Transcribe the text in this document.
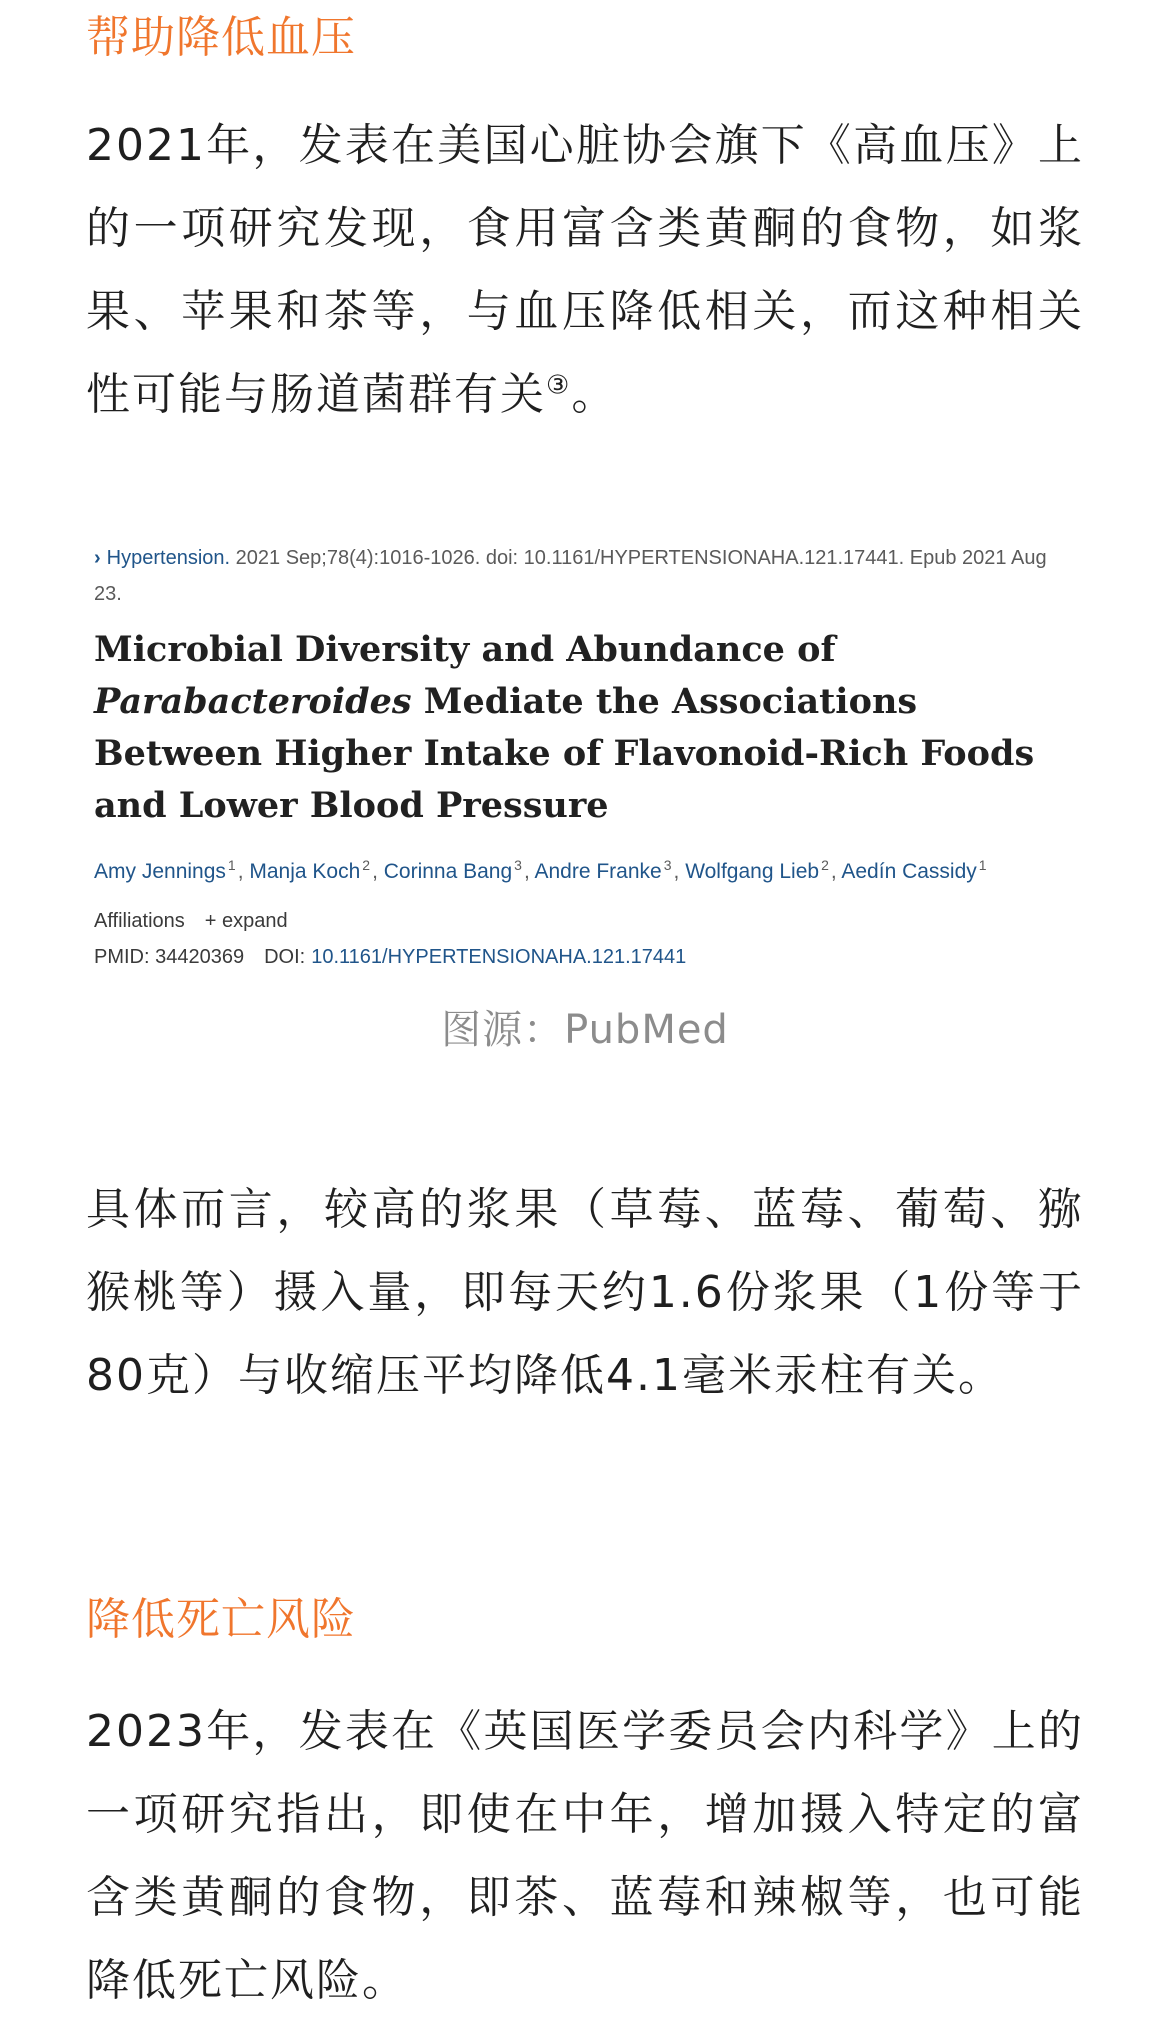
帮助降低血压

2021年，发表在美国心脏协会旗下《高血压》上的一项研究发现，食用富含类黄酮的食物，如浆果、苹果和茶等，与血压降低相关，而这种相关性可能与肠道菌群有关③。

› Hypertension. 2021 Sep;78(4):1016-1026. doi: 10.1161/HYPERTENSIONAHA.121.17441. Epub 2021 Aug 23.
Microbial Diversity and Abundance of
Parabacteroides Mediate the Associations Between Higher Intake of Flavonoid-Rich Foods and Lower Blood Pressure
Amy Jennings $^1$, Manja Koch $^2$, Corinna Bang $^3$, Andre Franke $^3$, Wolfgang Lieb $^2$, Aedín Cassidy $^1$
Affiliations + expand
PMID: 34420369 DOI: 10.1161/HYPERTENSIONAHA.121.17441
图源：PubMed

具体而言，较高的浆果（草莓、蓝莓、葡萄、猕猴桃等）摄入量，即每天约1.6份浆果（1份等于80克）与收缩压平均降低4.1毫米汞柱有关。

降低死亡风险

2023年，发表在《英国医学委员会内科学》上的一项研究指出，即使在中年，增加摄入特定的富含类黄酮的食物，即茶、蓝莓和辣椒等，也可能降低死亡风险。
